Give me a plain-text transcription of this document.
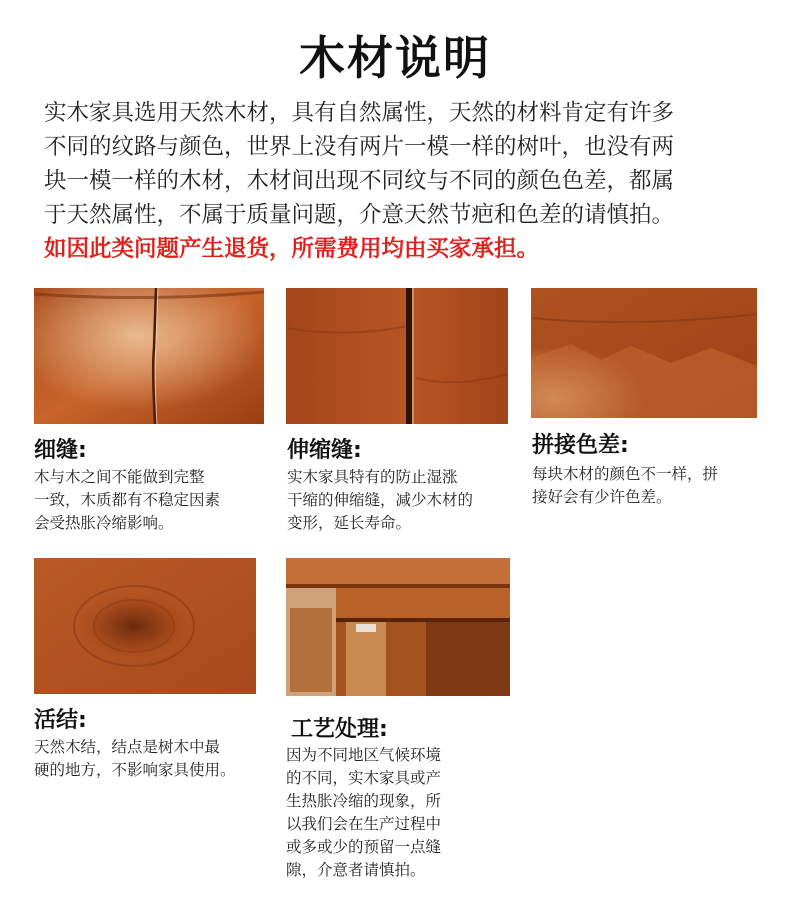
木材说明

实木家具选用天然木材，具有自然属性，天然的材料肯定有许多

不同的纹路与颜色，世界上没有两片一模一样的树叶，也没有两

块一模一样的木材，木材间出现不同纹与不同的颜色色差，都属

于天然属性，不属于质量问题，介意天然节疤和色差的请慎拍。

如因此类问题产生退货，所需费用均由买家承担。

细缝:

木与木之间不能做到完整

一致，木质都有不稳定因素

会受热胀冷缩影响。

伸缩缝:

实木家具特有的防止湿涨

干缩的伸缩缝，减少木材的

变形，延长寿命。

拼接色差:

每块木材的颜色不一样，拼

接好会有少许色差。

活结:

天然木结，结点是树木中最

硬的地方，不影响家具使用。

工艺处理:

因为不同地区气候环境

的不同，实木家具或产

生热胀冷缩的现象，所

以我们会在生产过程中

或多或少的预留一点缝

隙，介意者请慎拍。
